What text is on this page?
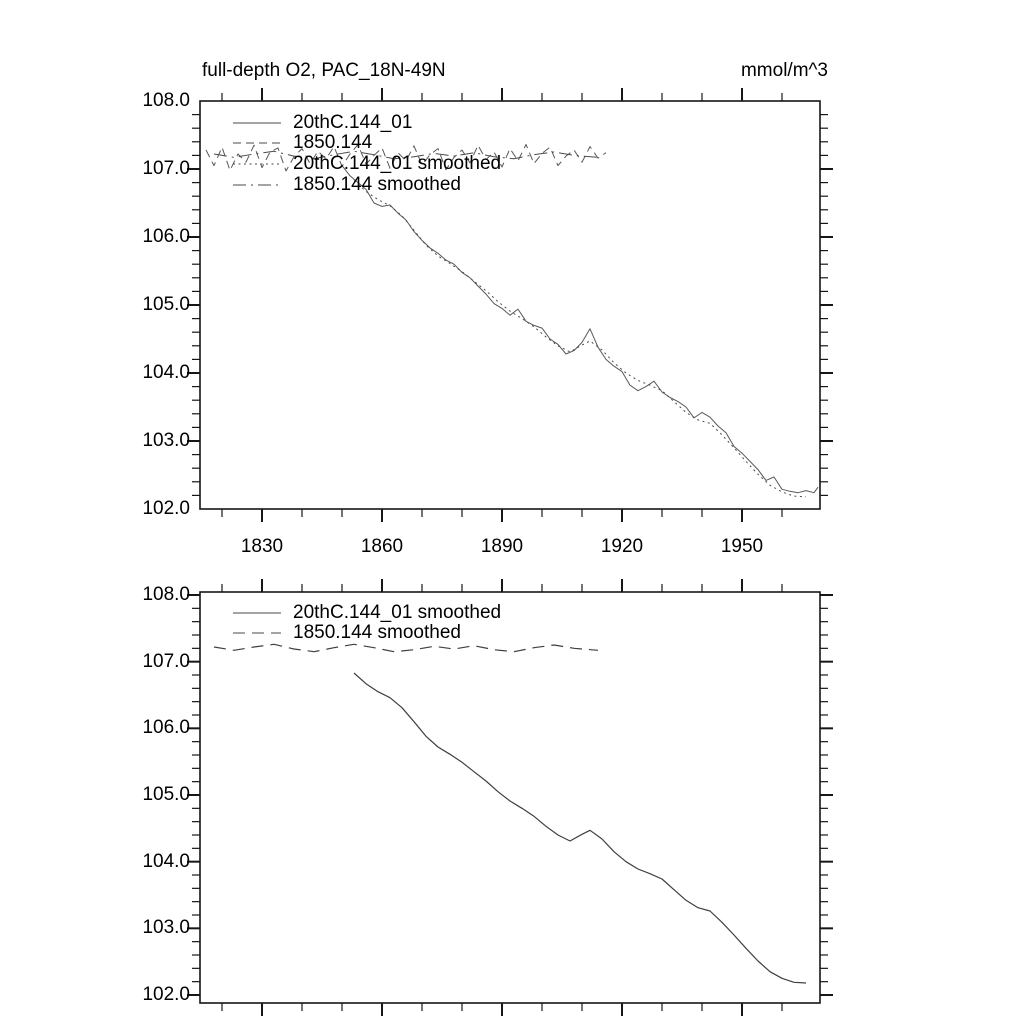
full-depth O2, PAC_18N-49N	mmol/m^3
108.0
107.0
106.0
105.0
104.0
103.0
102.0
1830	1860	1890	1920	1950
108.0
107.0
106.0
105.0
104.0
103.0
102.0
20thC.144_01
1850.144
20thC.144_01 smoothed
1850.144 smoothed
20thC.144_01 smoothed
1850.144 smoothed
